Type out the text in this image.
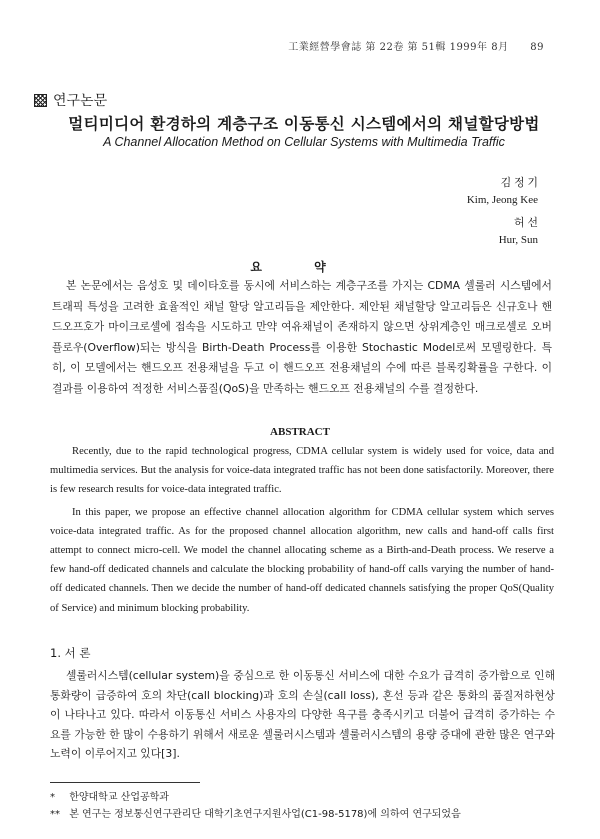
工業經營學會誌 第 22卷 第 51輯 1999年 8月 89
연구논문
멀티미디어 환경하의 계층구조 이동통신 시스템에서의 채널할당방법
A Channel Allocation Method on Cellular Systems with Multimedia Traffic
김 정 기
Kim, Jeong Kee
허 선
Hur, Sun
요 약

본 논문에서는 음성호 및 데이타호를 동시에 서비스하는 계층구조를 가지는 CDMA 셀룰러 시스템에서 트래픽 특성을 고려한 효율적인 채널 할당 알고리듬을 제안한다. 제안된 채널할당 알고리듬은 신규호나 핸드오프호가 마이크로셀에 접속을 시도하고 만약 여유채널이 존재하지 않으면 상위계층인 매크로셀로 오버플로우(Overflow)되는 방식을 Birth-Death Process를 이용한 Stochastic Model로써 모델링한다. 특히, 이 모델에서는 핸드오프 전용채널을 두고 이 핸드오프 전용채널의 수에 따른 블록킹확률을 구한다. 이 결과를 이용하여 적정한 서비스품질(QoS)을 만족하는 핸드오프 전용채널의 수를 결정한다.

ABSTRACT

Recently, due to the rapid technological progress, CDMA cellular system is widely used for voice, data and multimedia services. But the analysis for voice-data integrated traffic has not been done satisfactorily. Moreover, there is few research results for voice-data integrated traffic.

In this paper, we propose an effective channel allocation algorithm for CDMA cellular system which serves voice-data integrated traffic. As for the proposed channel allocation algorithm, new calls and hand-off calls first attempt to connect micro-cell. We model the channel allocating scheme as a Birth-and-Death process. We reserve a few hand-off dedicated channels and calculate the blocking probability of hand-off calls varying the number of hand-off dedicated channels. Then we decide the number of hand-off dedicated channels satisfying the proper QoS(Quality of Service) and minimum blocking probability.

1. 서 론

셀룰러시스템(cellular system)을 중심으로 한 이동통신 서비스에 대한 수요가 급격히 증가함으로 인해 통화량이 급증하여 호의 차단(call blocking)과 호의 손실(call loss), 혼선 등과 같은 통화의 품질저하현상이 나타나고 있다. 따라서 이동통신 서비스 사용자의 다양한 욕구를 충족시키고 더불어 급격히 증가하는 수요를 가능한 한 많이 수용하기 위해서 새로운 셀룰러시스템과 셀룰러시스템의 용량 증대에 관한 많은 연구와 노력이 이루어지고 있다[3].

* 한양대학교 산업공학과
** 본 연구는 정보통신연구관리단 대학기초연구지원사업(C1-98-5178)에 의하여 연구되었음
